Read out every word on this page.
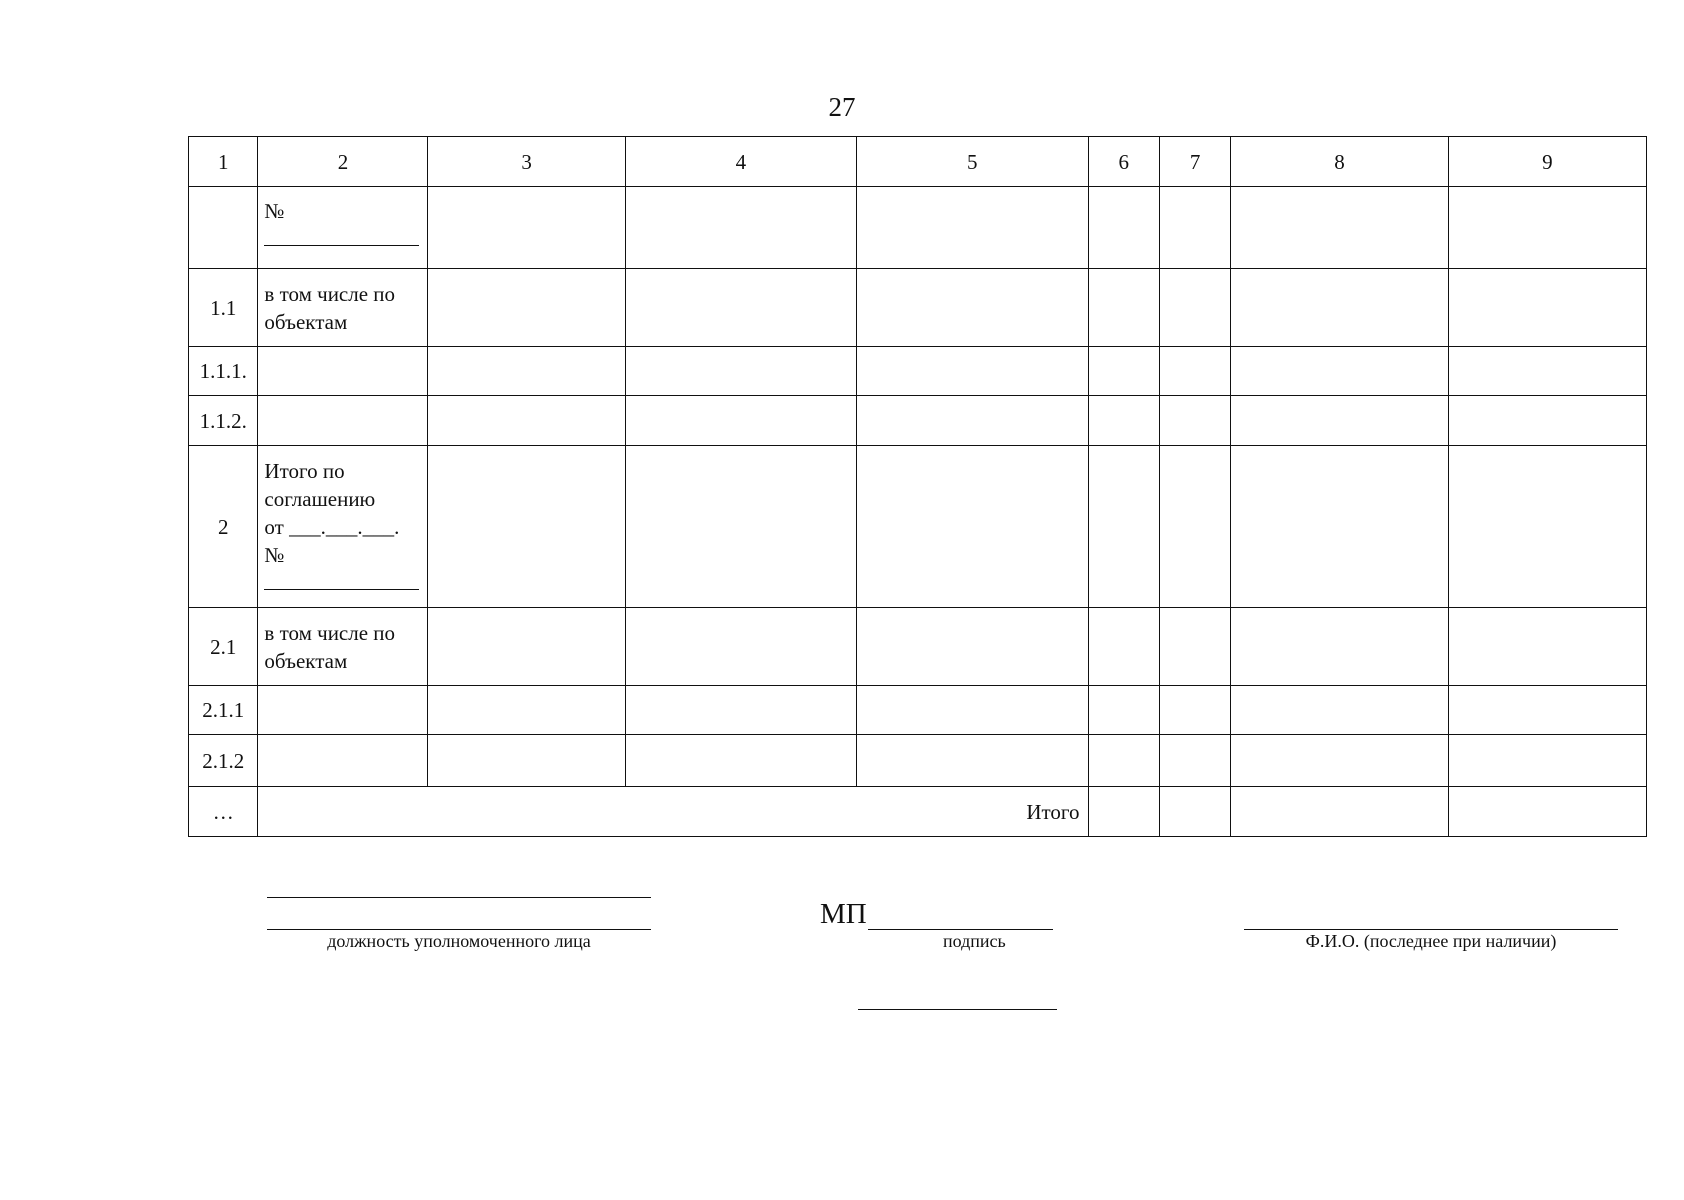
27
1	2	3	4	5	6	7	8	9

	№							

1.1	в том числе по объектам							
1.1.1.								
1.1.2.								
2	Итого по соглашению
от ___.___.___.
№							

2.1	в том числе по объектам							
2.1.1								
2.1.2								
…	Итого							
должность уполномоченного лица
МП
подпись	Ф.И.О. (последнее при наличии)
